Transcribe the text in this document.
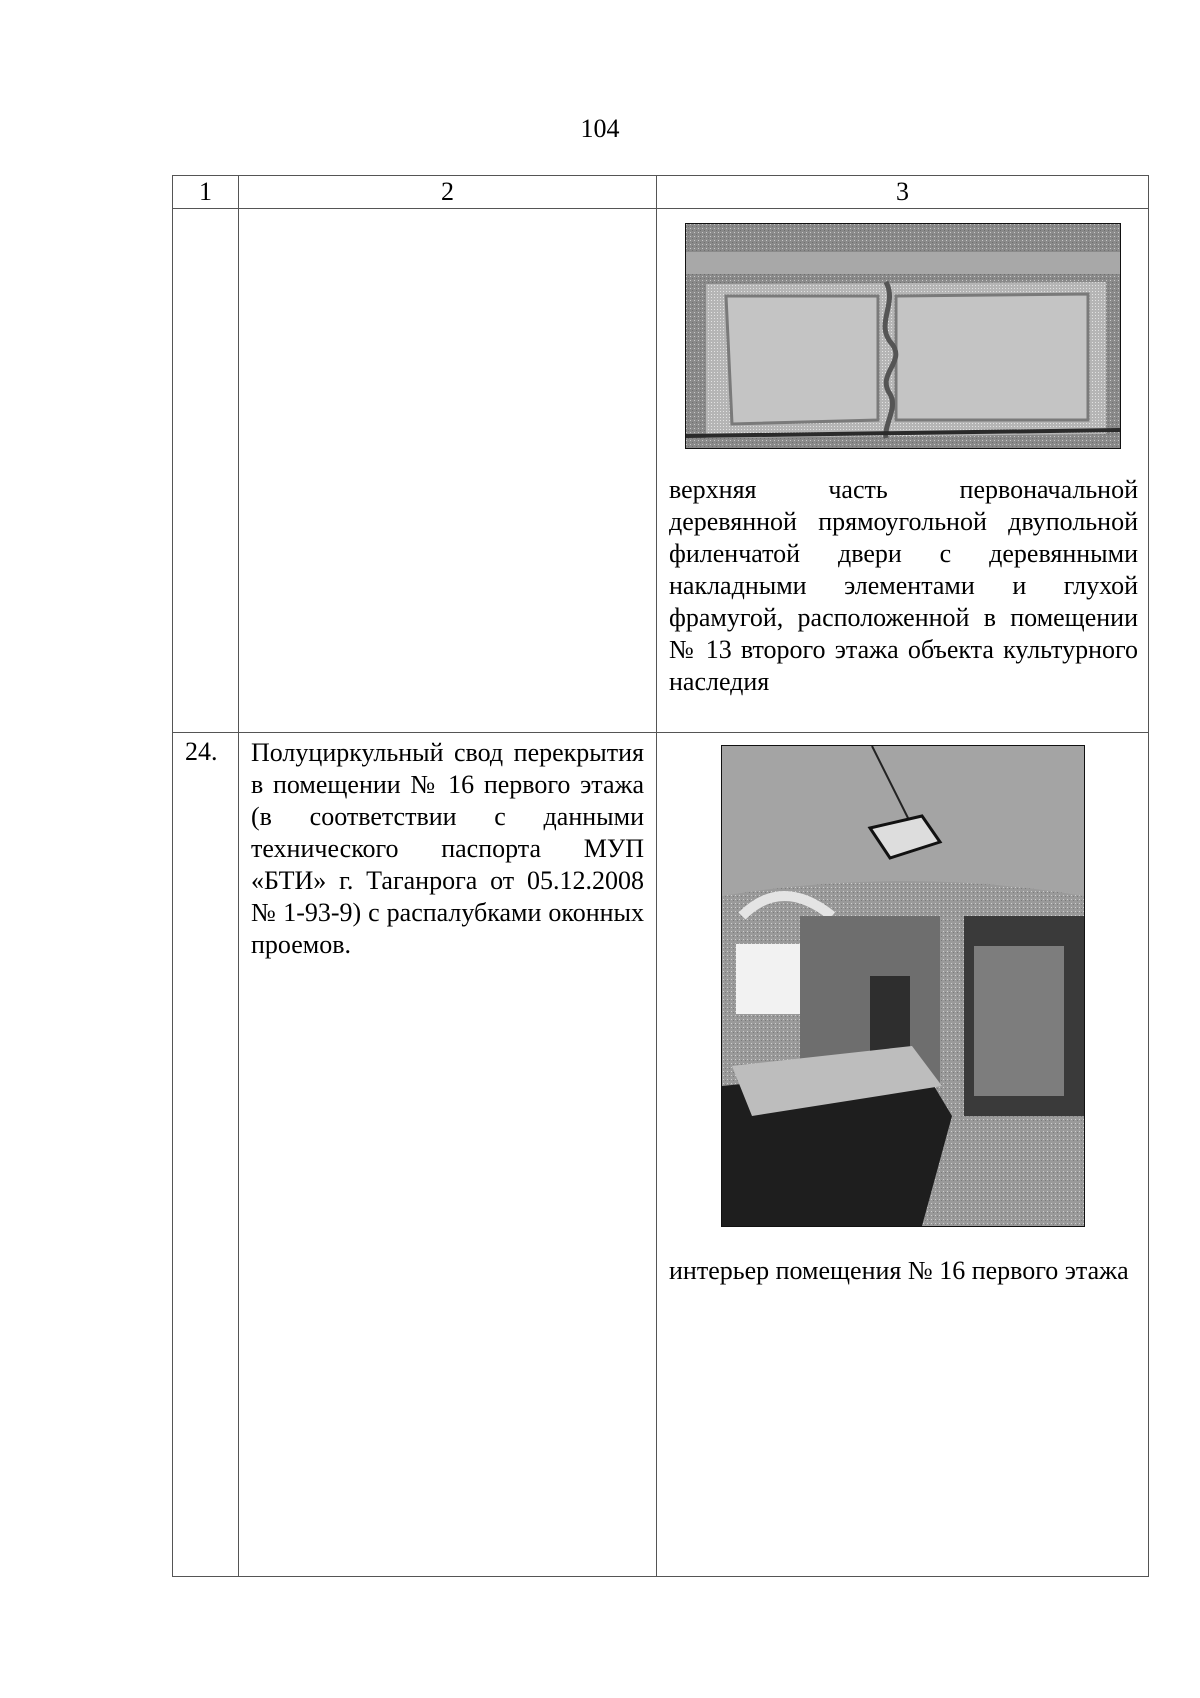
104
1	2	3

		верхняя часть первоначальной деревянной прямоугольной двупольной филенчатой двери с деревянными накладными элементами и глухой фрамугой, расположенной в помещении № 13 второго этажа объекта культурного наследия

24.	Полуциркульный свод перекрытия в помещении № 16 первого этажа (в соответствии с данными технического паспорта МУП «БТИ» г. Таганрога от 05.12.2008 № 1-93-9) с распалубками оконных проемов.	интерьер помещения № 16 первого этажа
